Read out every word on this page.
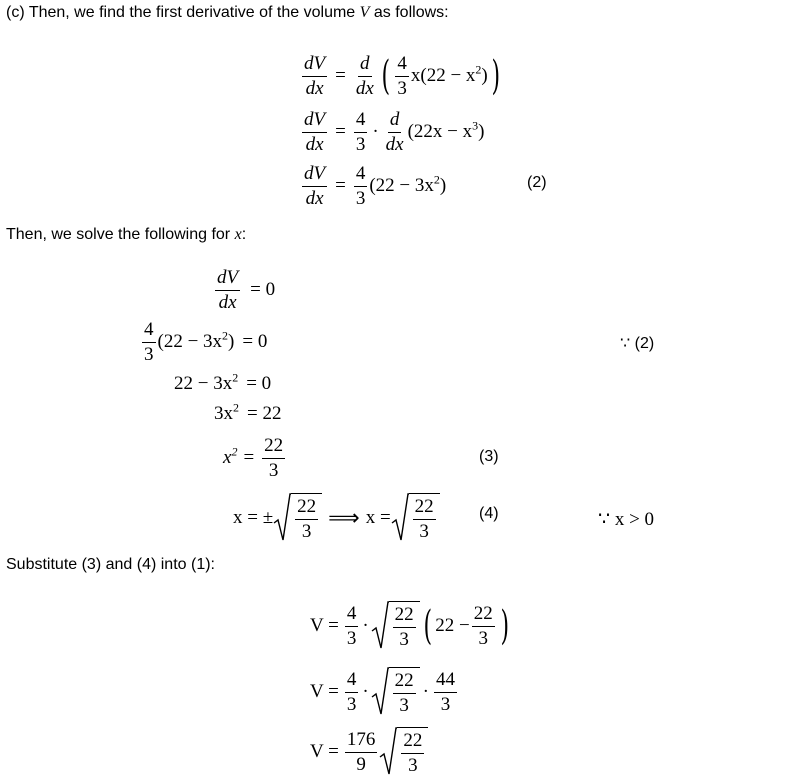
(c) Then, we find the first derivative of the volume V as follows:
$\frac{dV}{dx} = \frac{d}{dx}$ ( $\frac{4}{3} x(22 - x^2)$ )
$\frac{dV}{dx} = \frac{4}{3} \cdot \frac{d}{dx} (22x - x^3)$
$\frac{dV}{dx} = \frac{4}{3} (22 - 3x^2)$	(2)
Then, we solve the following for x:
$\frac{dV}{dx} = 0$
$\frac{4}{3} (22 - 3x^2) = 0$	∵ (2)
$22 - 3x^2 = 0$
$3x^2 = 22$
$x^2 = \frac{22}{3}$	(3)
x = ± $\frac{22}{3}$ ⟹ $x = \frac{22}{3}$	(4)	∵ x > 0
Substitute (3) and (4) into (1):
$V = \frac{4}{3} \cdot \frac{22}{3}$ ( $22 - \frac{22}{3}$ )
$V = \frac{4}{3} \cdot \frac{22}{3} \cdot \frac{44}{3}$
$V = \frac{176}{9} \frac{22}{3}$
